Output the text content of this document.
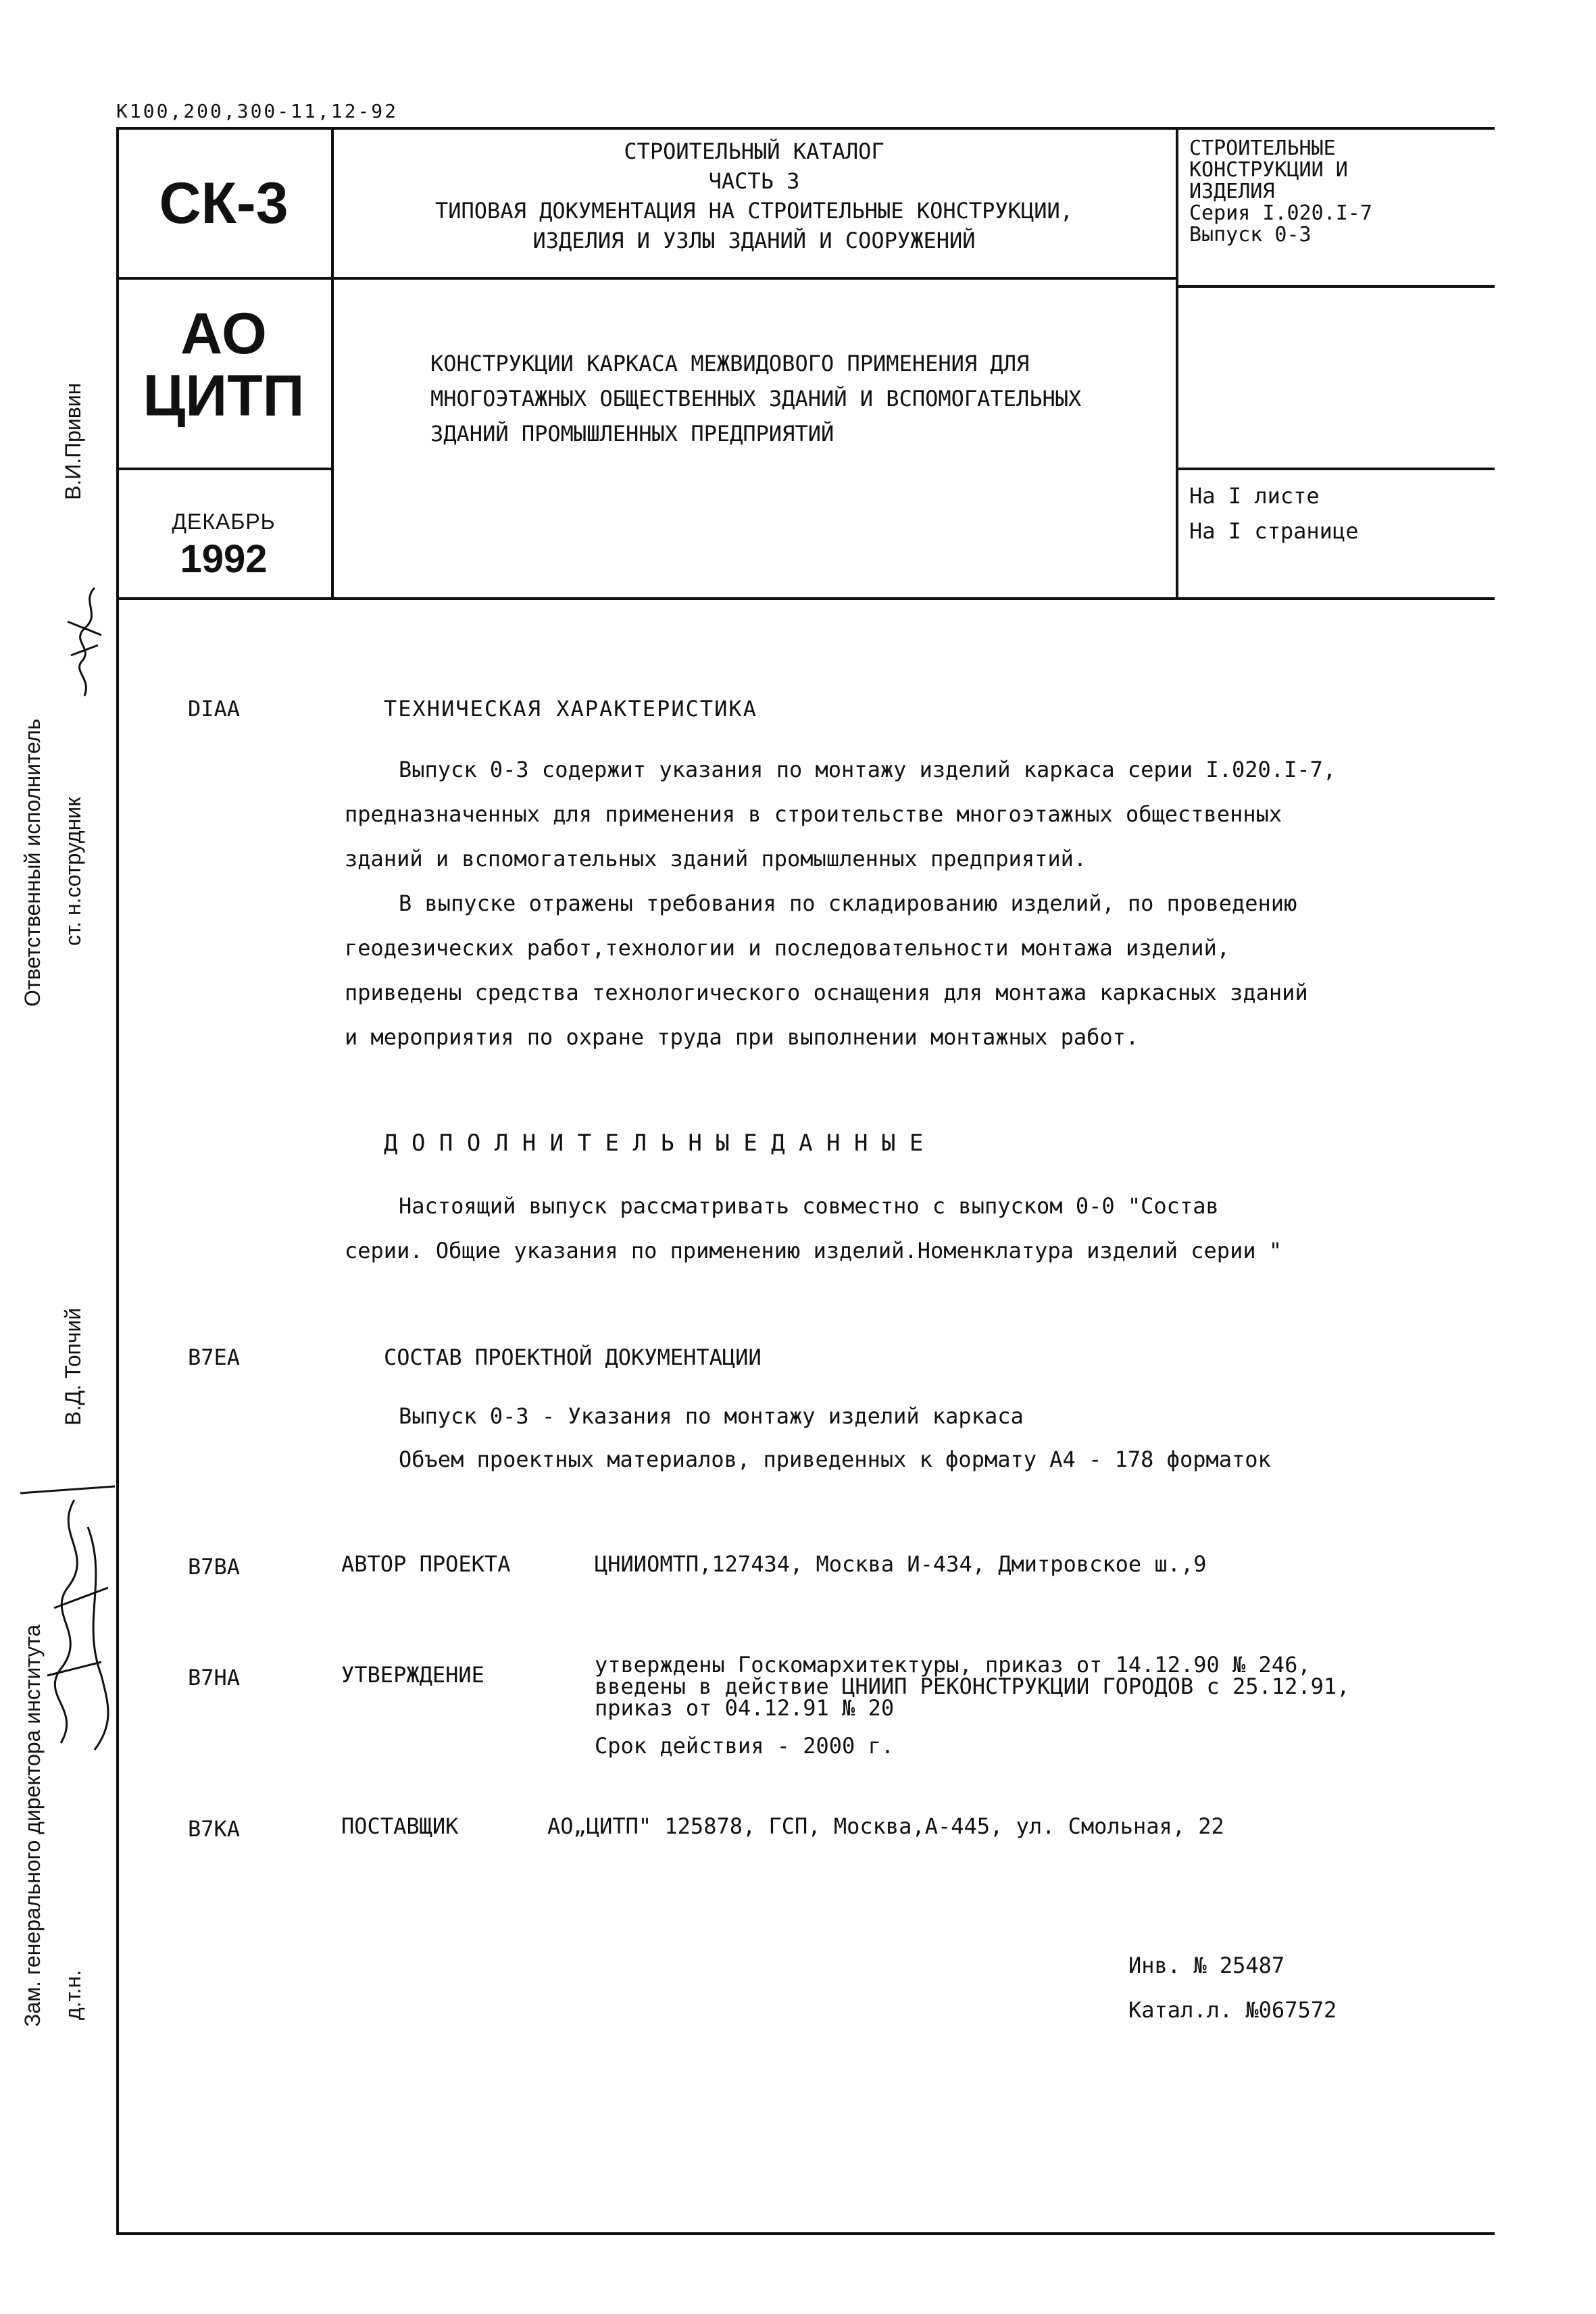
К100,200,300-11,12-92
СК-3
АО
ЦИТП
ДЕКАБРЬ
1992
СТРОИТЕЛЬНЫЙ КАТАЛОГ
ЧАСТЬ 3
ТИПОВАЯ ДОКУМЕНТАЦИЯ НА СТРОИТЕЛЬНЫЕ КОНСТРУКЦИИ,
ИЗДЕЛИЯ И УЗЛЫ ЗДАНИЙ И СООРУЖЕНИЙ
КОНСТРУКЦИИ КАРКАСА МЕЖВИДОВОГО ПРИМЕНЕНИЯ ДЛЯ
МНОГОЭТАЖНЫХ ОБЩЕСТВЕННЫХ ЗДАНИЙ И ВСПОМОГАТЕЛЬНЫХ
ЗДАНИЙ ПРОМЫШЛЕННЫХ ПРЕДПРИЯТИЙ
СТРОИТЕЛЬНЫЕ
КОНСТРУКЦИИ И
ИЗДЕЛИЯ
Серия I.020.I-7
Выпуск 0-3
На I листе
На I странице
DIAA	ТЕХНИЧЕСКАЯ ХАРАКТЕРИСТИКА
Выпуск 0-3 содержит указания по монтажу изделий каркаса серии I.020.I-7,
предназначенных для применения в строительстве многоэтажных общественных
зданий и вспомогательных зданий промышленных предприятий.
В выпуске отражены требования по складированию изделий, по проведению
геодезических работ,технологии и последовательности монтажа изделий,
приведены средства технологического оснащения для монтажа каркасных зданий
и мероприятия по охране труда при выполнении монтажных работ.
Д О П О Л Н И Т Е Л Ь Н Ы Е Д А Н Н Ы Е
Настоящий выпуск рассматривать совместно с выпуском 0-0 "Состав
серии. Общие указания по применению изделий.Номенклатура изделий серии "
В7ЕА	СОСТАВ ПРОЕКТНОЙ ДОКУМЕНТАЦИИ
Выпуск 0-3 - Указания по монтажу изделий каркаса
Объем проектных материалов, приведенных к формату А4 - 178 форматок
В7ВА	АВТОР ПРОЕКТА	ЦНИИОМТП,127434, Москва И-434, Дмитровское ш.,9
В7НА	УТВЕРЖДЕНИЕ	утверждены Госкомархитектуры, приказ от 14.12.90 № 246,
введены в действие ЦНИИП РЕКОНСТРУКЦИИ ГОРОДОВ с 25.12.91,
приказ от 04.12.91 № 20
Срок действия - 2000 г.
В7КА	ПОСТАВЩИК	АО„ЦИТП" 125878, ГСП, Москва,А-445, ул. Смольная, 22
Инв. № 25487
Катал.л. №067572
Ответственный исполнитель ст. н.сотрудник
В.И.Привин
В.Д. Топчий
Зам. генерального директора института д.т.н.
